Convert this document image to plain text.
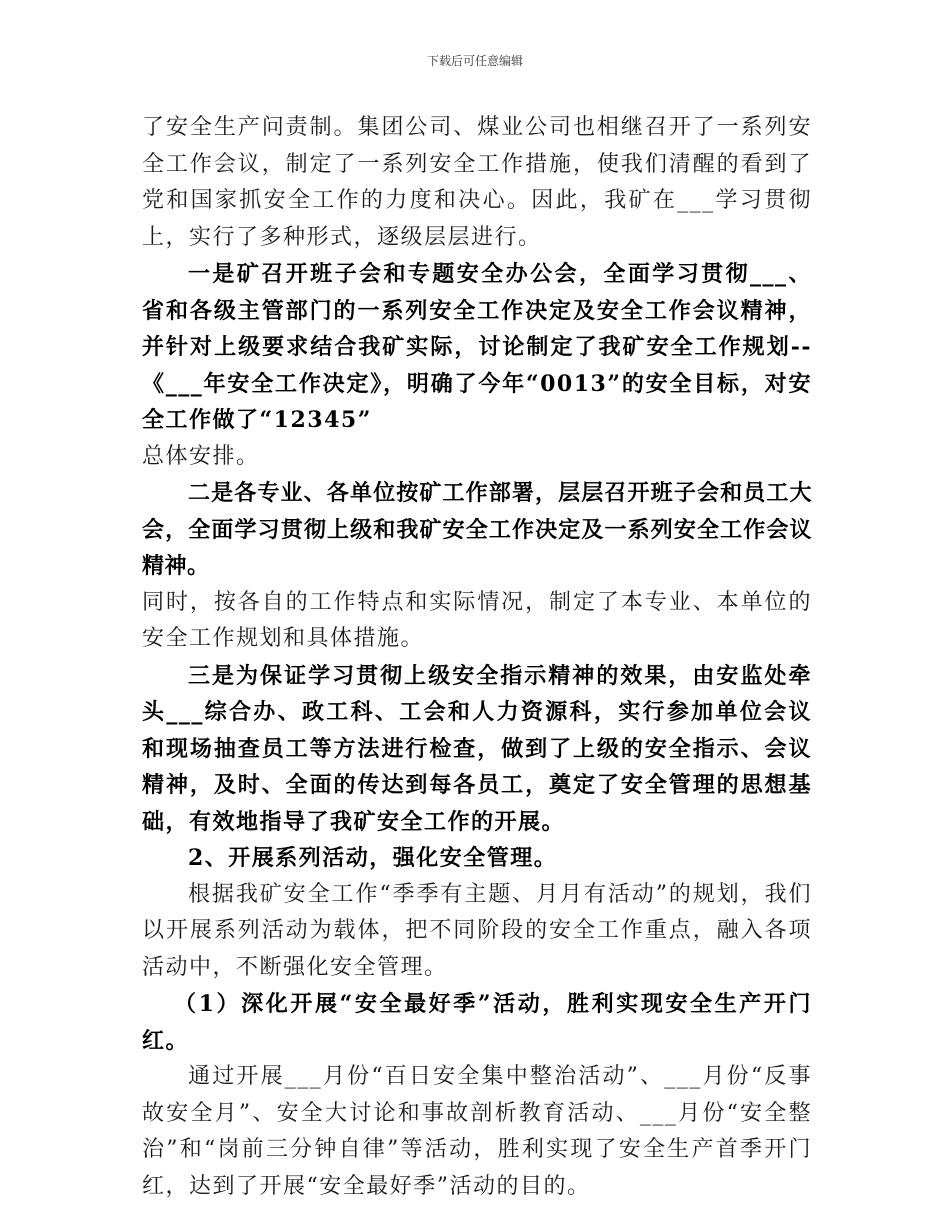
下载后可任意编辑

了安全生产问责制。集团公司、煤业公司也相继召开了一系列安全工作会议，制定了一系列安全工作措施，使我们清醒的看到了党和国家抓安全工作的力度和决心。因此，我矿在___学习贯彻上，实行了多种形式，逐级层层进行。

一是矿召开班子会和专题安全办公会，全面学习贯彻___、省和各级主管部门的一系列安全工作决定及安全工作会议精神，并针对上级要求结合我矿实际，讨论制定了我矿安全工作规划--《___年安全工作决定》，明确了今年“0013”的安全目标，对安全工作做了“12345”

总体安排。

二是各专业、各单位按矿工作部署，层层召开班子会和员工大会，全面学习贯彻上级和我矿安全工作决定及一系列安全工作会议精神。

同时，按各自的工作特点和实际情况，制定了本专业、本单位的安全工作规划和具体措施。

三是为保证学习贯彻上级安全指示精神的效果，由安监处牵头___综合办、政工科、工会和人力资源科，实行参加单位会议和现场抽查员工等方法进行检查，做到了上级的安全指示、会议精神，及时、全面的传达到每各员工，奠定了安全管理的思想基础，有效地指导了我矿安全工作的开展。

2、开展系列活动，强化安全管理。

根据我矿安全工作“季季有主题、月月有活动”的规划，我们以开展系列活动为载体，把不同阶段的安全工作重点，融入各项活动中，不断强化安全管理。

（1）深化开展“安全最好季”活动，胜利实现安全生产开门红。

通过开展___月份“百日安全集中整治活动”、___月份“反事故安全月”、安全大讨论和事故剖析教育活动、___月份“安全整治”和“岗前三分钟自律”等活动，胜利实现了安全生产首季开门红，达到了开展“安全最好季”活动的目的。
